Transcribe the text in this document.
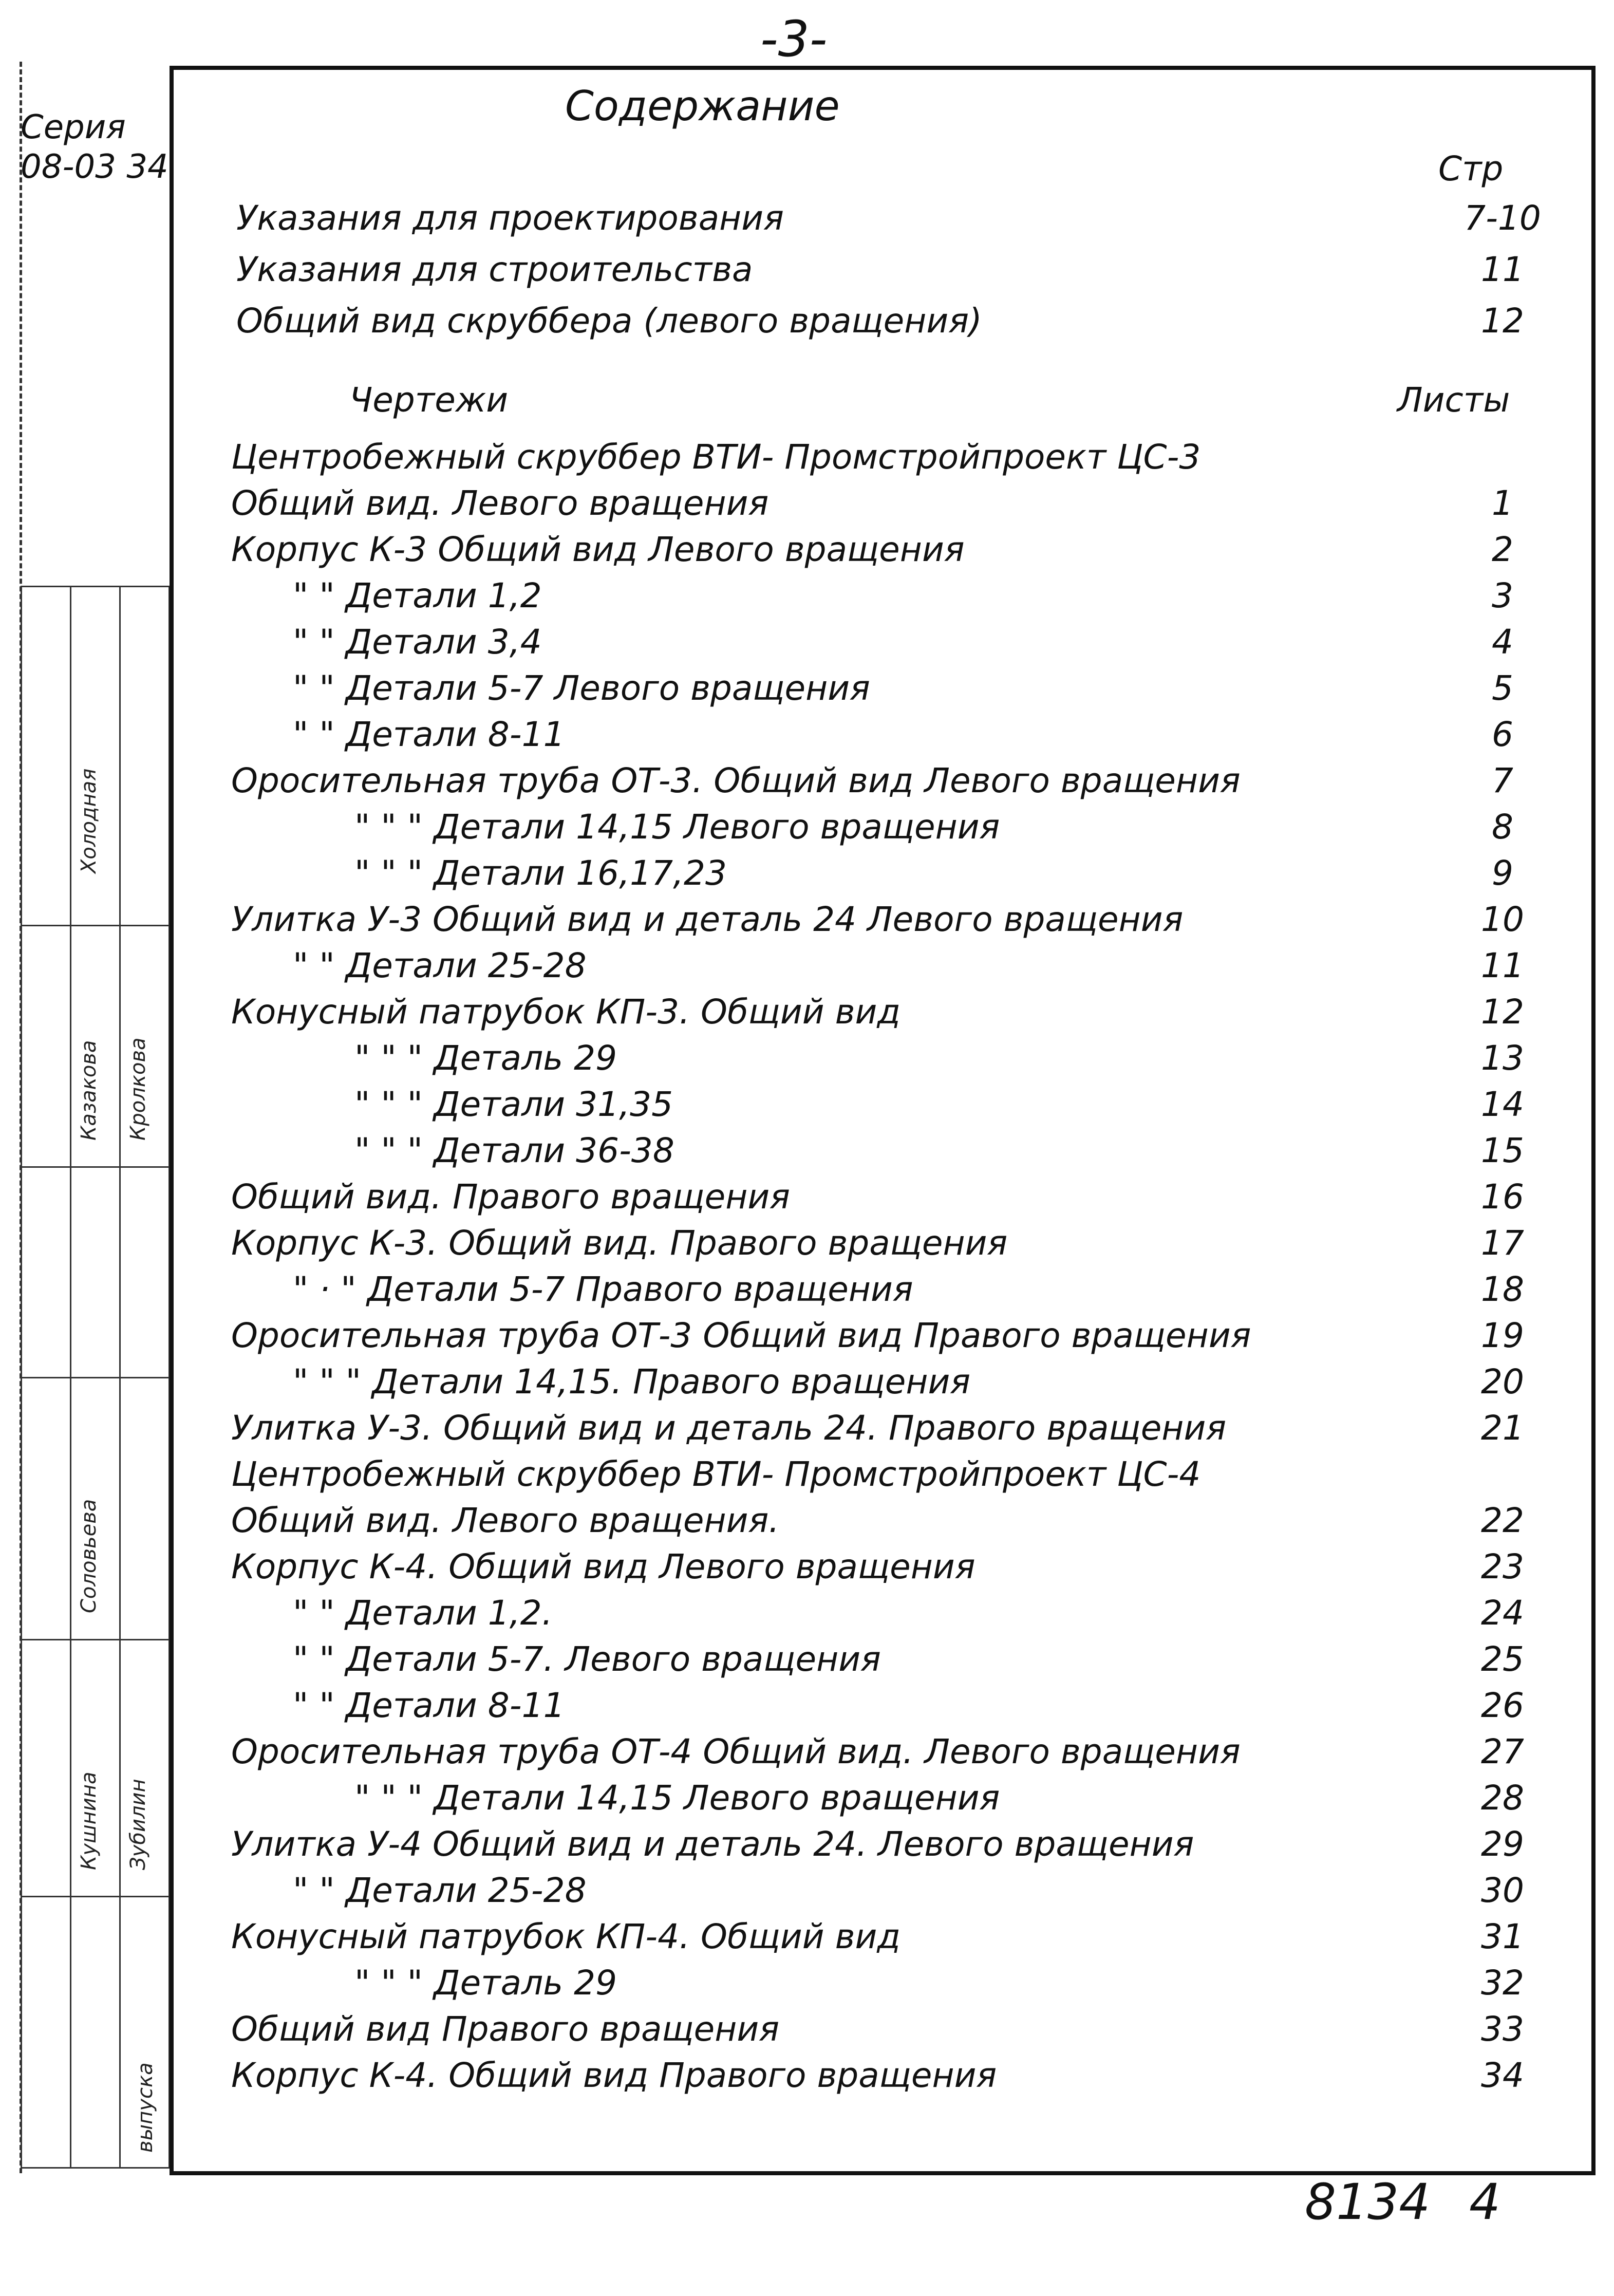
-3-
Серия
08-03 34
Холодная
Казакова Кролкова
Кушнина Зубилин
Соловьева
выпуска
Содержание
Стр
Указания для проектирования	7-10
Указания для строительства	11
Общий вид скруббера (левого вращения)	12
Чертежи	Листы
Центробежный скруббер ВТИ- Промстройпроект ЦС-3
Общий вид. Левого вращения	1
Корпус К-3 Общий вид Левого вращения	2
" " Детали 1,2	3
" " Детали 3,4	4
" " Детали 5-7 Левого вращения	5
" " Детали 8-11	6
Оросительная труба ОТ-3. Общий вид Левого вращения	7
" " " Детали 14,15 Левого вращения	8
" " " Детали 16,17,23	9
Улитка У-3 Общий вид и деталь 24 Левого вращения	10
" " Детали 25-28	11
Конусный патрубок КП-3. Общий вид	12
" " " Деталь 29	13
" " " Детали 31,35	14
" " " Детали 36-38	15
Общий вид. Правого вращения	16
Корпус К-3. Общий вид. Правого вращения	17
" · " Детали 5-7 Правого вращения	18
Оросительная труба ОТ-3 Общий вид Правого вращения	19
" " " Детали 14,15. Правого вращения	20
Улитка У-3. Общий вид и деталь 24. Правого вращения	21
Центробежный скруббер ВТИ- Промстройпроект ЦС-4
Общий вид. Левого вращения.	22
Корпус К-4. Общий вид Левого вращения	23
" " Детали 1,2.	24
" " Детали 5-7. Левого вращения	25
" " Детали 8-11	26
Оросительная труба ОТ-4 Общий вид. Левого вращения	27
" " " Детали 14,15 Левого вращения	28
Улитка У-4 Общий вид и деталь 24. Левого вращения	29
" " Детали 25-28	30
Конусный патрубок КП-4. Общий вид	31
" " " Деталь 29	32
Общий вид Правого вращения	33
Корпус К-4. Общий вид Правого вращения	34
8134 4
